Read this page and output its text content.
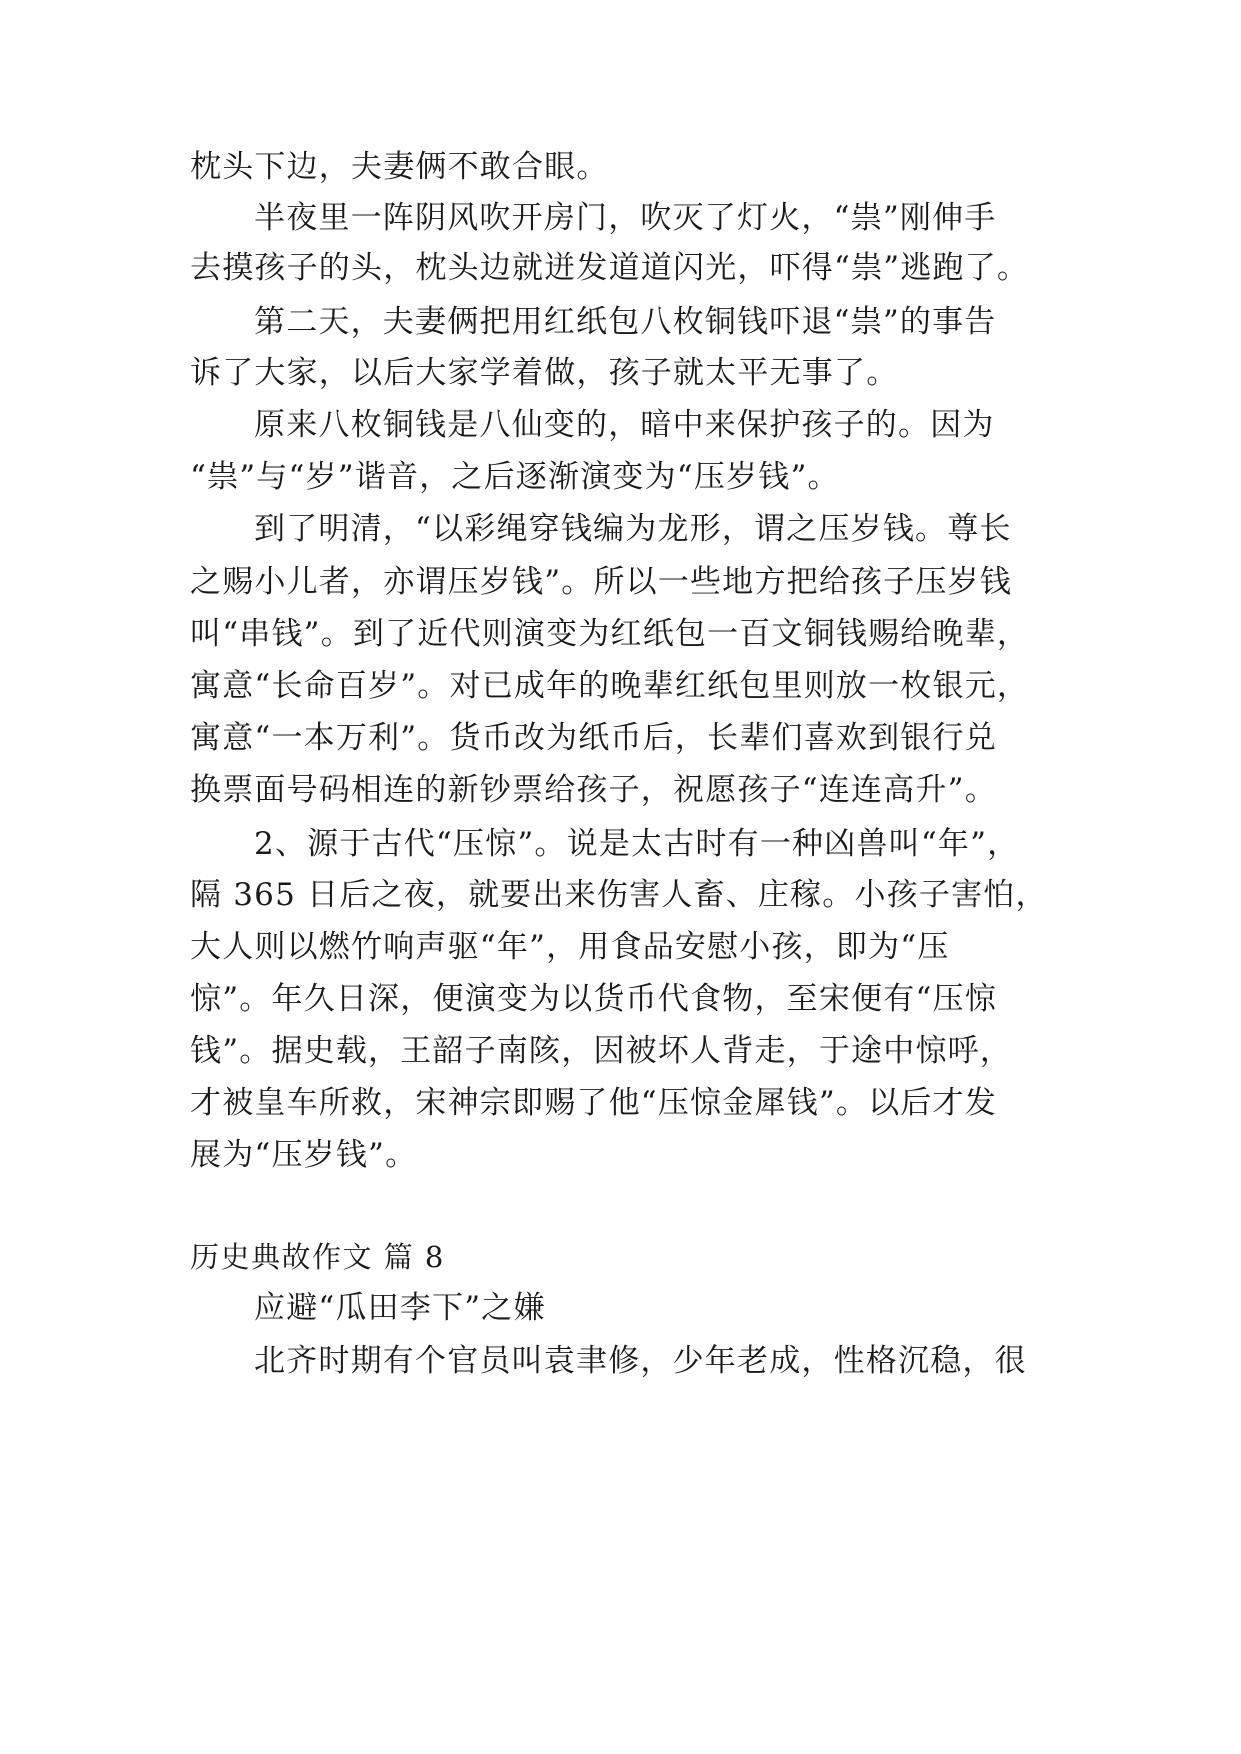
枕头下边，夫妻俩不敢合眼。
半夜里一阵阴风吹开房门，吹灭了灯火，“祟”刚伸手
去摸孩子的头，枕头边就迸发道道闪光，吓得“祟”逃跑了。
第二天，夫妻俩把用红纸包八枚铜钱吓退“祟”的事告
诉了大家，以后大家学着做，孩子就太平无事了。
原来八枚铜钱是八仙变的，暗中来保护孩子的。因为
“祟”与“岁”谐音，之后逐渐演变为“压岁钱”。
到了明清，“以彩绳穿钱编为龙形，谓之压岁钱。尊长
之赐小儿者，亦谓压岁钱”。所以一些地方把给孩子压岁钱
叫“串钱”。到了近代则演变为红纸包一百文铜钱赐给晚辈，
寓意“长命百岁”。对已成年的晚辈红纸包里则放一枚银元，
寓意“一本万利”。货币改为纸币后，长辈们喜欢到银行兑
换票面号码相连的新钞票给孩子，祝愿孩子“连连高升”。
2、源于古代“压惊”。说是太古时有一种凶兽叫“年”，
隔 365 日后之夜，就要出来伤害人畜、庄稼。小孩子害怕，
大人则以燃竹响声驱“年”，用食品安慰小孩，即为“压
惊”。年久日深，便演变为以货币代食物，至宋便有“压惊
钱”。据史载，王韶子南陔，因被坏人背走，于途中惊呼，
才被皇车所救，宋神宗即赐了他“压惊金犀钱”。以后才发
展为“压岁钱”。
历史典故作文 篇 8
应避“瓜田李下”之嫌
北齐时期有个官员叫袁聿修，少年老成，性格沉稳，很
